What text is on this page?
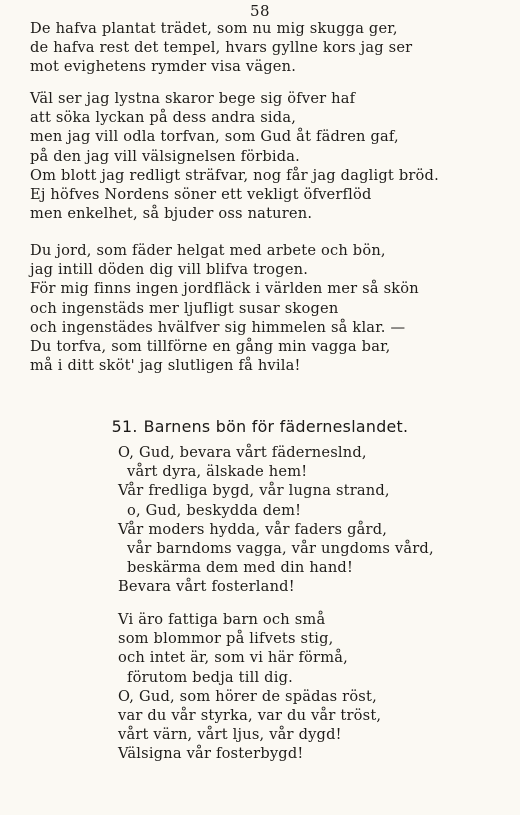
58
De hafva plantat trädet, som nu mig skugga ger,
de hafva rest det tempel, hvars gyllne kors jag ser
mot evighetens rymder visa vägen.
Väl ser jag lystna skaror bege sig öfver haf
att söka lyckan på dess andra sida,
men jag vill odla torfvan, som Gud åt fädren gaf,
på den jag vill välsignelsen förbida.
Om blott jag redligt sträfvar, nog får jag dagligt bröd.
Ej höfves Nordens söner ett vekligt öfverflöd
men enkelhet, så bjuder oss naturen.
Du jord, som fäder helgat med arbete och bön,
jag intill döden dig vill blifva trogen.
För mig finns ingen jordfläck i världen mer så skön
och ingenstäds mer ljufligt susar skogen
och ingenstädes hvälfver sig himmelen så klar. —
Du torfva, som tillförne en gång min vagga bar,
må i ditt sköt' jag slutligen få hvila!
51. Barnens bön för fäderneslandet.
O, Gud, bevara vårt fäderneslnd,
vårt dyra, älskade hem!
Vår fredliga bygd, vår lugna strand,
o, Gud, beskydda dem!
Vår moders hydda, vår faders gård,
vår barndoms vagga, vår ungdoms vård,
beskärma dem med din hand!
Bevara vårt fosterland!
Vi äro fattiga barn och små
som blommor på lifvets stig,
och intet är, som vi här förmå,
förutom bedja till dig.
O, Gud, som hörer de spädas röst,
var du vår styrka, var du vår tröst,
vårt värn, vårt ljus, vår dygd!
Välsigna vår fosterbygd!
